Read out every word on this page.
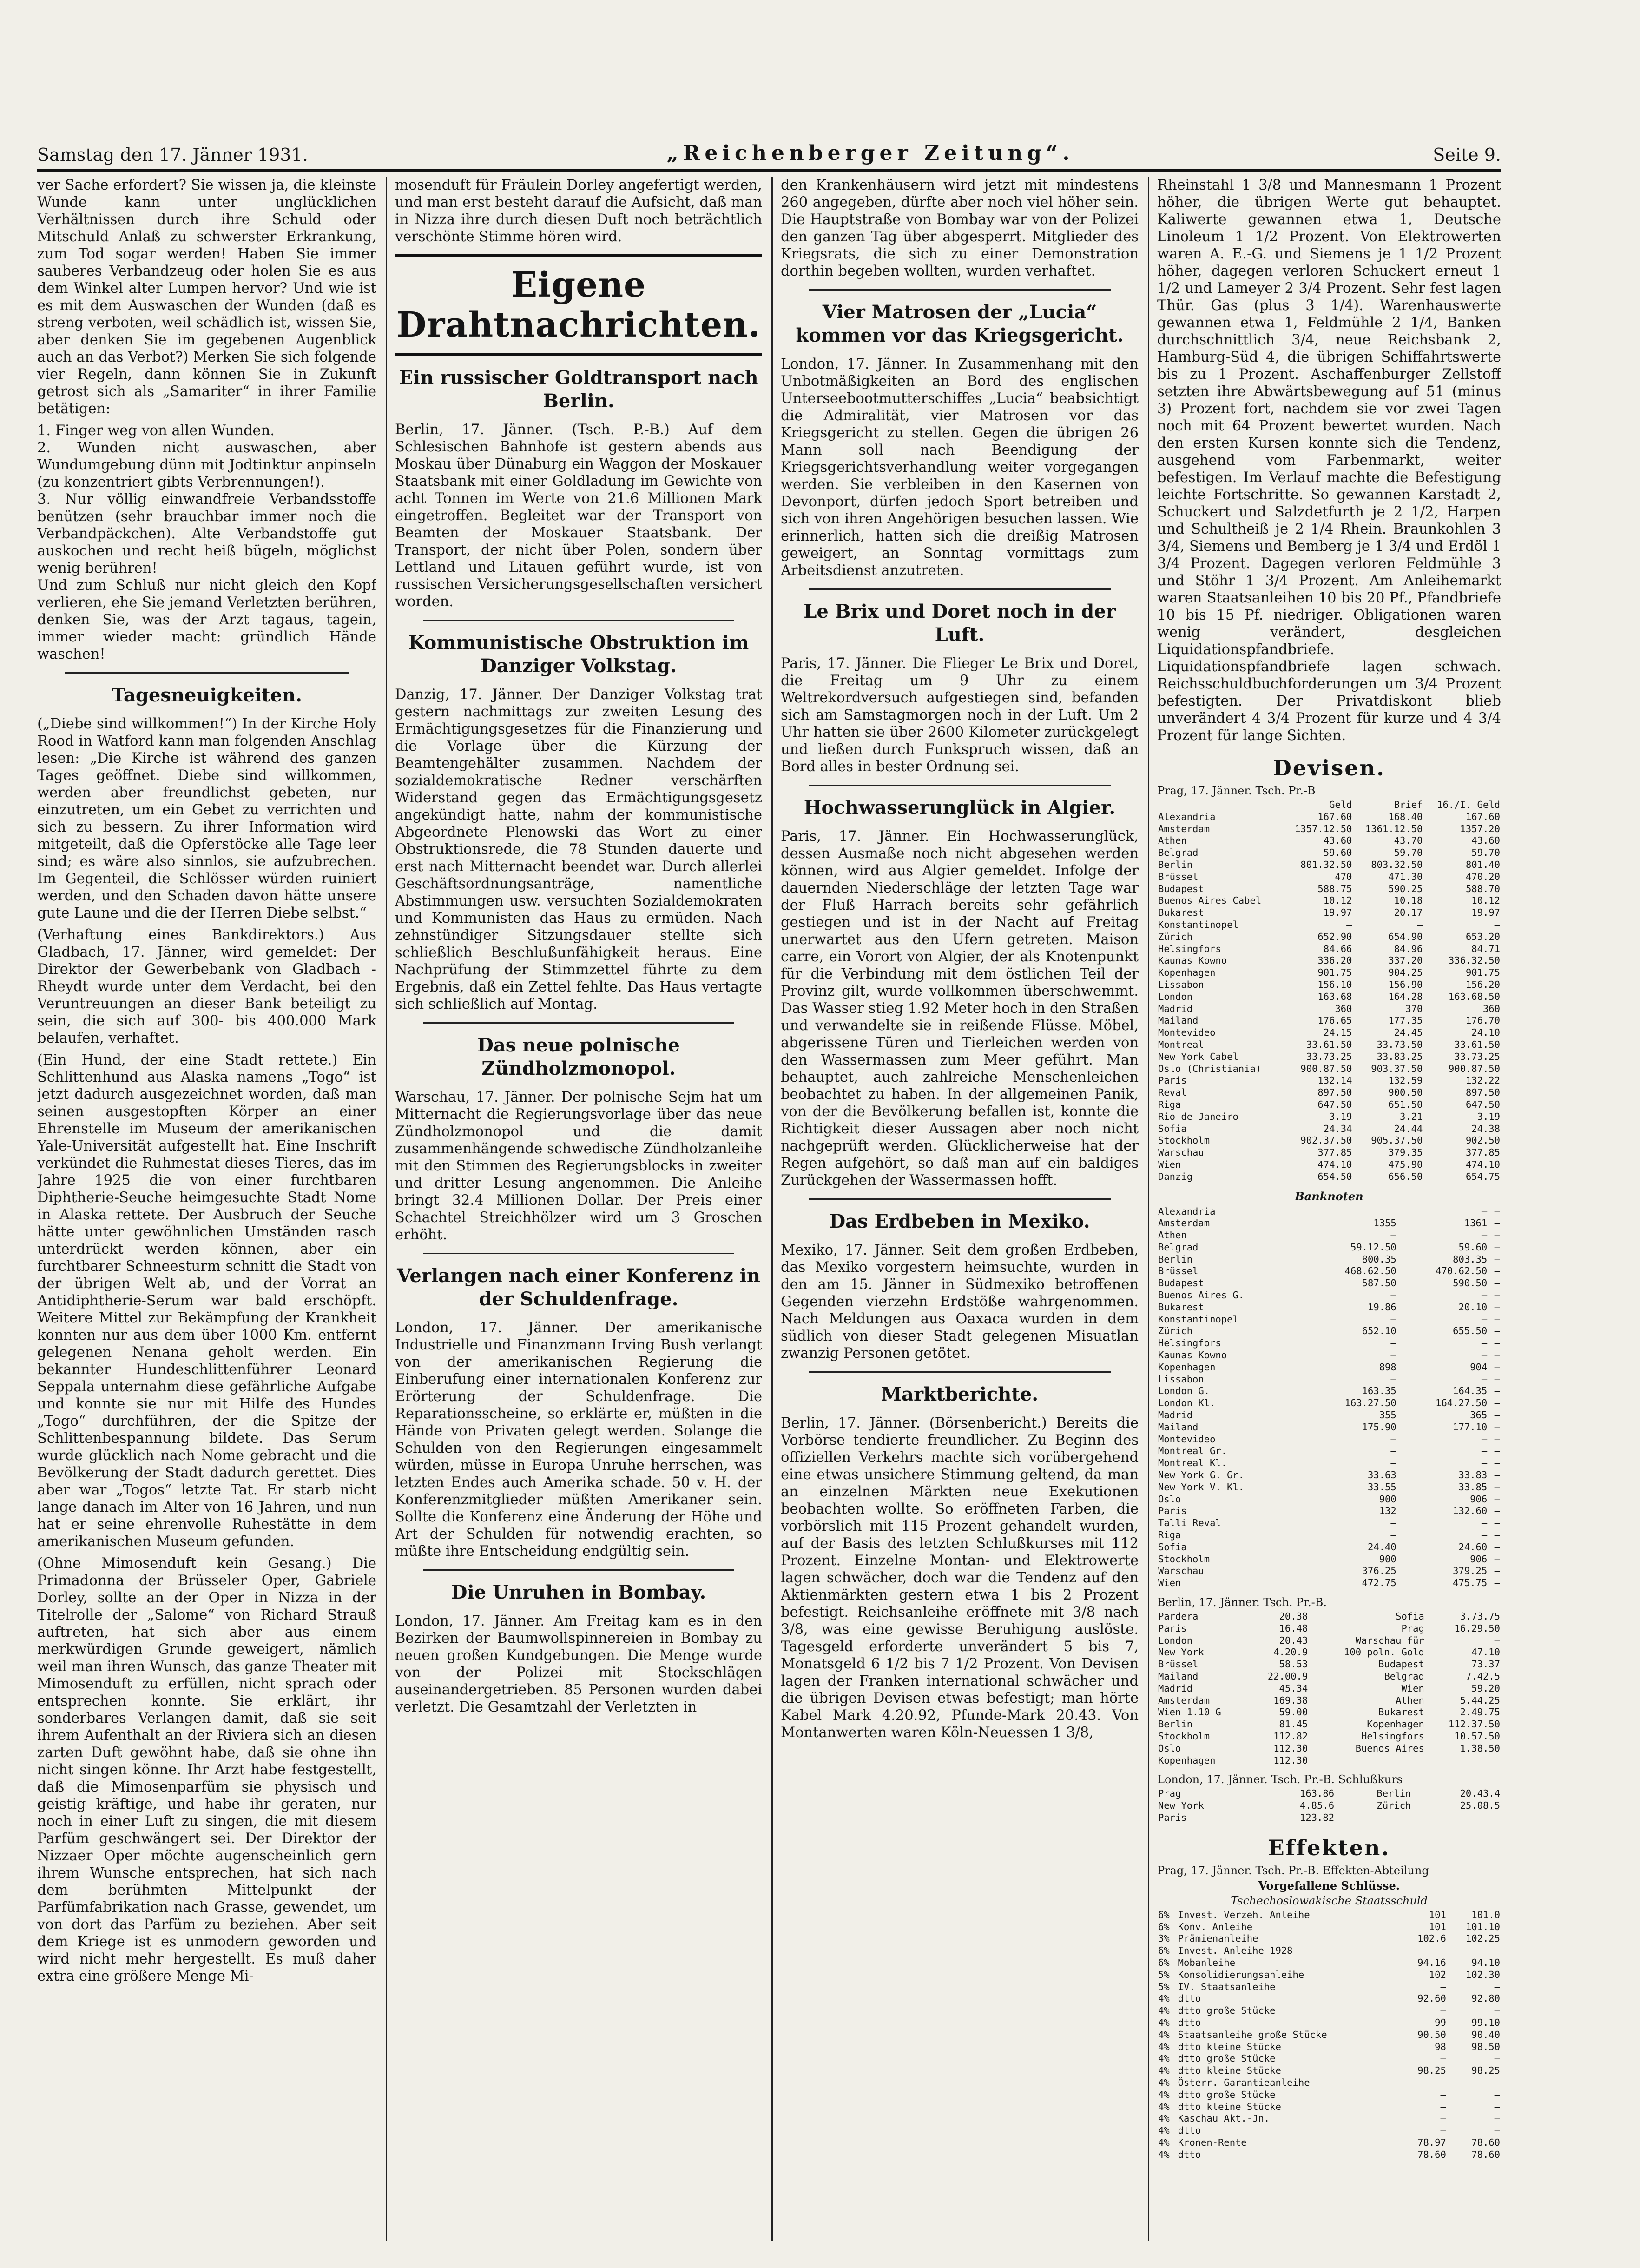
Samstag den 17. Jänner 1931.	„Reichenberger Zeitung“.	Seite 9.

ver Sache erfordert? Sie wissen ja, die kleinste Wunde kann unter unglücklichen Verhältnissen durch ihre Schuld oder Mitschuld Anlaß zu schwerster Erkrankung, zum Tod sogar werden! Haben Sie immer sauberes Verbandzeug oder holen Sie es aus dem Winkel alter Lumpen hervor? Und wie ist es mit dem Auswaschen der Wunden (daß es streng verboten, weil schädlich ist, wissen Sie, aber denken Sie im gegebenen Augenblick auch an das Verbot?) Merken Sie sich folgende vier Regeln, dann können Sie in Zukunft getrost sich als „Samariter“ in ihrer Familie betätigen:

1. Finger weg von allen Wunden.

2. Wunden nicht auswaschen, aber Wundumgebung dünn mit Jodtinktur anpinseln (zu konzentriert gibts Verbrennungen!).

3. Nur völlig einwandfreie Verbandsstoffe benützen (sehr brauchbar immer noch die Verbandpäckchen). Alte Verbandstoffe gut auskochen und recht heiß bügeln, möglichst wenig berühren!

Und zum Schluß nur nicht gleich den Kopf verlieren, ehe Sie jemand Verletzten berühren, denken Sie, was der Arzt tagaus, tagein, immer wieder macht: gründlich Hände waschen!

Tagesneuigkeiten.

(„Diebe sind willkommen!“) In der Kirche Holy Rood in Watford kann man folgenden Anschlag lesen: „Die Kirche ist während des ganzen Tages geöffnet. Diebe sind willkommen, werden aber freundlichst gebeten, nur einzutreten, um ein Gebet zu verrichten und sich zu bessern. Zu ihrer Information wird mitgeteilt, daß die Opferstöcke alle Tage leer sind; es wäre also sinnlos, sie aufzubrechen. Im Gegenteil, die Schlösser würden ruiniert werden, und den Schaden davon hätte unsere gute Laune und die der Herren Diebe selbst.“

(Verhaftung eines Bankdirektors.) Aus Gladbach, 17. Jänner, wird gemeldet: Der Direktor der Gewerbebank von Gladbach - Rheydt wurde unter dem Verdacht, bei den Veruntreuungen an dieser Bank beteiligt zu sein, die sich auf 300- bis 400.000 Mark belaufen, verhaftet.

(Ein Hund, der eine Stadt rettete.) Ein Schlittenhund aus Alaska namens „Togo“ ist jetzt dadurch ausgezeichnet worden, daß man seinen ausgestopften Körper an einer Ehrenstelle im Museum der amerikanischen Yale-Universität aufgestellt hat. Eine Inschrift verkündet die Ruhmestat dieses Tieres, das im Jahre 1925 die von einer furchtbaren Diphtherie-Seuche heimgesuchte Stadt Nome in Alaska rettete. Der Ausbruch der Seuche hätte unter gewöhnlichen Umständen rasch unterdrückt werden können, aber ein furchtbarer Schneesturm schnitt die Stadt von der übrigen Welt ab, und der Vorrat an Antidiphtherie-Serum war bald erschöpft. Weitere Mittel zur Bekämpfung der Krankheit konnten nur aus dem über 1000 Km. entfernt gelegenen Nenana geholt werden. Ein bekannter Hundeschlittenführer Leonard Seppala unternahm diese gefährliche Aufgabe und konnte sie nur mit Hilfe des Hundes „Togo“ durchführen, der die Spitze der Schlittenbespannung bildete. Das Serum wurde glücklich nach Nome gebracht und die Bevölkerung der Stadt dadurch gerettet. Dies aber war „Togos“ letzte Tat. Er starb nicht lange danach im Alter von 16 Jahren, und nun hat er seine ehrenvolle Ruhestätte in dem amerikanischen Museum gefunden.

(Ohne Mimosenduft kein Gesang.) Die Primadonna der Brüsseler Oper, Gabriele Dorley, sollte an der Oper in Nizza in der Titelrolle der „Salome“ von Richard Strauß auftreten, hat sich aber aus einem merkwürdigen Grunde geweigert, nämlich weil man ihren Wunsch, das ganze Theater mit Mimosenduft zu erfüllen, nicht sprach oder entsprechen konnte. Sie erklärt, ihr sonderbares Verlangen damit, daß sie seit ihrem Aufenthalt an der Riviera sich an diesen zarten Duft gewöhnt habe, daß sie ohne ihn nicht singen könne. Ihr Arzt habe festgestellt, daß die Mimosenparfüm sie physisch und geistig kräftige, und habe ihr geraten, nur noch in einer Luft zu singen, die mit diesem Parfüm geschwängert sei. Der Direktor der Nizzaer Oper möchte augenscheinlich gern ihrem Wunsche entsprechen, hat sich nach dem berühmten Mittelpunkt der Parfümfabrikation nach Grasse, gewendet, um von dort das Parfüm zu beziehen. Aber seit dem Kriege ist es unmodern geworden und wird nicht mehr hergestellt. Es muß daher extra eine größere Menge Mi-

mosenduft für Fräulein Dorley angefertigt werden, und man erst besteht darauf die Aufsicht, daß man in Nizza ihre durch diesen Duft noch beträchtlich verschönte Stimme hören wird.

Eigene Drahtnachrichten.
Ein russischer Goldtransport nach Berlin.

Berlin, 17. Jänner. (Tsch. P.-B.) Auf dem Schlesischen Bahnhofe ist gestern abends aus Moskau über Dünaburg ein Waggon der Moskauer Staatsbank mit einer Goldladung im Gewichte von acht Tonnen im Werte von 21.6 Millionen Mark eingetroffen. Begleitet war der Transport von Beamten der Moskauer Staatsbank. Der Transport, der nicht über Polen, sondern über Lettland und Litauen geführt wurde, ist von russischen Versicherungsgesellschaften versichert worden.

Kommunistische Obstruktion im Danziger Volkstag.

Danzig, 17. Jänner. Der Danziger Volkstag trat gestern nachmittags zur zweiten Lesung des Ermächtigungsgesetzes für die Finanzierung und die Vorlage über die Kürzung der Beamtengehälter zusammen. Nachdem der sozialdemokratische Redner verschärften Widerstand gegen das Ermächtigungsgesetz angekündigt hatte, nahm der kommunistische Abgeordnete Plenowski das Wort zu einer Obstruktionsrede, die 78 Stunden dauerte und erst nach Mitternacht beendet war. Durch allerlei Geschäftsordnungsanträge, namentliche Abstimmungen usw. versuchten Sozialdemokraten und Kommunisten das Haus zu ermüden. Nach zehnstündiger Sitzungsdauer stellte sich schließlich Beschlußunfähigkeit heraus. Eine Nachprüfung der Stimmzettel führte zu dem Ergebnis, daß ein Zettel fehlte. Das Haus vertagte sich schließlich auf Montag.

Das neue polnische Zündholzmonopol.

Warschau, 17. Jänner. Der polnische Sejm hat um Mitternacht die Regierungsvorlage über das neue Zündholzmonopol und die damit zusammenhängende schwedische Zündholzanleihe mit den Stimmen des Regierungsblocks in zweiter und dritter Lesung angenommen. Die Anleihe bringt 32.4 Millionen Dollar. Der Preis einer Schachtel Streichhölzer wird um 3 Groschen erhöht.

Verlangen nach einer Konferenz in der Schuldenfrage.

London, 17. Jänner. Der amerikanische Industrielle und Finanzmann Irving Bush verlangt von der amerikanischen Regierung die Einberufung einer internationalen Konferenz zur Erörterung der Schuldenfrage. Die Reparationsscheine, so erklärte er, müßten in die Hände von Privaten gelegt werden. Solange die Schulden von den Regierungen eingesammelt würden, müsse in Europa Unruhe herrschen, was letzten Endes auch Amerika schade. 50 v. H. der Konferenzmitglieder müßten Amerikaner sein. Sollte die Konferenz eine Änderung der Höhe und Art der Schulden für notwendig erachten, so müßte ihre Entscheidung endgültig sein.

Die Unruhen in Bombay.

London, 17. Jänner. Am Freitag kam es in den Bezirken der Baumwollspinnereien in Bombay zu neuen großen Kundgebungen. Die Menge wurde von der Polizei mit Stockschlägen auseinandergetrieben. 85 Personen wurden dabei verletzt. Die Gesamtzahl der Verletzten in

den Krankenhäusern wird jetzt mit mindestens 260 angegeben, dürfte aber noch viel höher sein. Die Hauptstraße von Bombay war von der Polizei den ganzen Tag über abgesperrt. Mitglieder des Kriegsrats, die sich zu einer Demonstration dorthin begeben wollten, wurden verhaftet.

Vier Matrosen der „Lucia“ kommen vor das Kriegsgericht.

London, 17. Jänner. In Zusammenhang mit den Unbotmäßigkeiten an Bord des englischen Unterseebootmutterschiffes „Lucia“ beabsichtigt die Admiralität, vier Matrosen vor das Kriegsgericht zu stellen. Gegen die übrigen 26 Mann soll nach Beendigung der Kriegsgerichtsverhandlung weiter vorgegangen werden. Sie verbleiben in den Kasernen von Devonport, dürfen jedoch Sport betreiben und sich von ihren Angehörigen besuchen lassen. Wie erinnerlich, hatten sich die dreißig Matrosen geweigert, an Sonntag vormittags zum Arbeitsdienst anzutreten.

Le Brix und Doret noch in der Luft.

Paris, 17. Jänner. Die Flieger Le Brix und Doret, die Freitag um 9 Uhr zu einem Weltrekordversuch aufgestiegen sind, befanden sich am Samstagmorgen noch in der Luft. Um 2 Uhr hatten sie über 2600 Kilometer zurückgelegt und ließen durch Funkspruch wissen, daß an Bord alles in bester Ordnung sei.

Hochwasserunglück in Algier.

Paris, 17. Jänner. Ein Hochwasserunglück, dessen Ausmaße noch nicht abgesehen werden können, wird aus Algier gemeldet. Infolge der dauernden Niederschläge der letzten Tage war der Fluß Harrach bereits sehr gefährlich gestiegen und ist in der Nacht auf Freitag unerwartet aus den Ufern getreten. Maison carre, ein Vorort von Algier, der als Knotenpunkt für die Verbindung mit dem östlichen Teil der Provinz gilt, wurde vollkommen überschwemmt. Das Wasser stieg 1.92 Meter hoch in den Straßen und verwandelte sie in reißende Flüsse. Möbel, abgerissene Türen und Tierleichen werden von den Wassermassen zum Meer geführt. Man behauptet, auch zahlreiche Menschenleichen beobachtet zu haben. In der allgemeinen Panik, von der die Bevölkerung befallen ist, konnte die Richtigkeit dieser Aussagen aber noch nicht nachgeprüft werden. Glücklicherweise hat der Regen aufgehört, so daß man auf ein baldiges Zurückgehen der Wassermassen hofft.

Das Erdbeben in Mexiko.

Mexiko, 17. Jänner. Seit dem großen Erdbeben, das Mexiko vorgestern heimsuchte, wurden in den am 15. Jänner in Südmexiko betroffenen Gegenden vierzehn Erdstöße wahrgenommen. Nach Meldungen aus Oaxaca wurden in dem südlich von dieser Stadt gelegenen Misuatlan zwanzig Personen getötet.

Marktberichte.

Berlin, 17. Jänner. (Börsenbericht.) Bereits die Vorbörse tendierte freundlicher. Zu Beginn des offiziellen Verkehrs machte sich vorübergehend eine etwas unsichere Stimmung geltend, da man an einzelnen Märkten neue Exekutionen beobachten wollte. So eröffneten Farben, die vorbörslich mit 115 Prozent gehandelt wurden, auf der Basis des letzten Schlußkurses mit 112 Prozent. Einzelne Montan- und Elektrowerte lagen schwächer, doch war die Tendenz auf den Aktienmärkten gestern etwa 1 bis 2 Prozent befestigt. Reichsanleihe eröffnete mit 3/8 nach 3/8, was eine gewisse Beruhigung auslöste. Tagesgeld erforderte unverändert 5 bis 7, Monatsgeld 6 1/2 bis 7 1/2 Prozent. Von Devisen lagen der Franken international schwächer und die übrigen Devisen etwas befestigt; man hörte Kabel Mark 4.20.92, Pfunde-Mark 20.43. Von Montanwerten waren Köln-Neuessen 1 3/8,

Rheinstahl 1 3/8 und Mannesmann 1 Prozent höher, die übrigen Werte gut behauptet. Kaliwerte gewannen etwa 1, Deutsche Linoleum 1 1/2 Prozent. Von Elektrowerten waren A. E.-G. und Siemens je 1 1/2 Prozent höher, dagegen verloren Schuckert erneut 1 1/2 und Lameyer 2 3/4 Prozent. Sehr fest lagen Thür. Gas (plus 3 1/4). Warenhauswerte gewannen etwa 1, Feldmühle 2 1/4, Banken durchschnittlich 3/4, neue Reichsbank 2, Hamburg-Süd 4, die übrigen Schiffahrtswerte bis zu 1 Prozent. Aschaffenburger Zellstoff setzten ihre Abwärtsbewegung auf 51 (minus 3) Prozent fort, nachdem sie vor zwei Tagen noch mit 64 Prozent bewertet wurden. Nach den ersten Kursen konnte sich die Tendenz, ausgehend vom Farbenmarkt, weiter befestigen. Im Verlauf machte die Befestigung leichte Fortschritte. So gewannen Karstadt 2, Schuckert und Salzdetfurth je 2 1/2, Harpen und Schultheiß je 2 1/4 Rhein. Braunkohlen 3 3/4, Siemens und Bemberg je 1 3/4 und Erdöl 1 3/4 Prozent. Dagegen verloren Feldmühle 3 und Stöhr 1 3/4 Prozent. Am Anleihemarkt waren Staatsanleihen 10 bis 20 Pf., Pfandbriefe 10 bis 15 Pf. niedriger. Obligationen waren wenig verändert, desgleichen Liquidationspfandbriefe. Liquidationspfandbriefe lagen schwach. Reichsschuldbuchforderungen um 3/4 Prozent befestigten. Der Privatdiskont blieb unverändert 4 3/4 Prozent für kurze und 4 3/4 Prozent für lange Sichten.

Devisen.
Prag, 17. Jänner. Tsch. Pr.-B
	Geld	Brief	16./I. Geld
Alexandria	167.60	168.40	167.60
Amsterdam	1357.12.50	1361.12.50	1357.20
Athen	43.60	43.70	43.60
Belgrad	59.60	59.70	59.70
Berlin	801.32.50	803.32.50	801.40
Brüssel	470	471.30	470.20
Budapest	588.75	590.25	588.70
Buenos Aires Cabel	10.12	10.18	10.12
Bukarest	19.97	20.17	19.97
Konstantinopel	—	—	—
Zürich	652.90	654.90	653.20
Helsingfors	84.66	84.96	84.71
Kaunas Kowno	336.20	337.20	336.32.50
Kopenhagen	901.75	904.25	901.75
Lissabon	156.10	156.90	156.20
London	163.68	164.28	163.68.50
Madrid	360	370	360
Mailand	176.65	177.35	176.70
Montevideo	24.15	24.45	24.10
Montreal	33.61.50	33.73.50	33.61.50
New York Cabel	33.73.25	33.83.25	33.73.25
Oslo (Christiania)	900.87.50	903.37.50	900.87.50
Paris	132.14	132.59	132.22
Reval	897.50	900.50	897.50
Riga	647.50	651.50	647.50
Rio de Janeiro	3.19	3.21	3.19
Sofia	24.34	24.44	24.38
Stockholm	902.37.50	905.37.50	902.50
Warschau	377.85	379.35	377.85
Wien	474.10	475.90	474.10
Danzig	654.50	656.50	654.75
Banknoten
Alexandria		—	—
Amsterdam	1355	1361	—
Athen	—	—	—
Belgrad	59.12.50	59.60	—
Berlin	800.35	803.35	—
Brüssel	468.62.50	470.62.50	—
Budapest	587.50	590.50	—
Buenos Aires G.	—	—	—
Bukarest	19.86	20.10	—
Konstantinopel	—	—	—
Zürich	652.10	655.50	—
Helsingfors	—	—	—
Kaunas Kowno	—	—	—
Kopenhagen	898	904	—
Lissabon	—	—	—
London G.	163.35	164.35	—
London Kl.	163.27.50	164.27.50	—
Madrid	355	365	—
Mailand	175.90	177.10	—
Montevideo	—	—	—
Montreal Gr.	—	—	—
Montreal Kl.	—	—	—
New York G. Gr.	33.63	33.83	—
New York V. Kl.	33.55	33.85	—
Oslo	900	906	—
Paris	132	132.60	—
Talli Reval	—	—	—
Riga	—	—	—
Sofia	24.40	24.60	—
Stockholm	900	906	—
Warschau	376.25	379.25	—
Wien	472.75	475.75	—
Berlin, 17. Jänner. Tsch. Pr.-B.
Pardera	20.38	Sofia	3.73.75
Paris	16.48	Prag	16.29.50
London	20.43	Warschau für	—
New York	4.20.9	100 poln. Gold	47.10
Brüssel	58.53	Budapest	73.37
Mailand	22.00.9	Belgrad	7.42.5
Madrid	45.34	Wien	59.20
Amsterdam	169.38	Athen	5.44.25
Wien 1.10 G	59.00	Bukarest	2.49.75
Berlin	81.45	Kopenhagen	112.37.50
Stockholm	112.82	Helsingfors	10.57.50
Oslo	112.30	Buenos Aires	1.38.50
Kopenhagen	112.30		
London, 17. Jänner. Tsch. Pr.-B. Schlußkurs
Prag	163.86	Berlin	20.43.4
New York	4.85.6	Zürich	25.08.5
Paris	123.82		
Effekten.
Prag, 17. Jänner. Tsch. Pr.-B. Effekten-Abteilung
Vorgefallene Schlüsse.
Tschechoslowakische Staatsschuld
6%	Invest. Verzeh. Anleihe	101	101.0
6%	Konv. Anleihe	101	101.10
3%	Prämienanleihe	102.6	102.25
6%	Invest. Anleihe 1928	—	—
6%	Mobanleihe	94.16	94.10
5%	Konsolidierungsanleihe	102	102.30
5%	IV. Staatsanleihe	—	—
4%	dtto	92.60	92.80
4%	dtto große Stücke	—	—
4%	dtto	99	99.10
4%	Staatsanleihe große Stücke	90.50	90.40
4%	dtto kleine Stücke	98	98.50
4%	dtto große Stücke	—	—
4%	dtto kleine Stücke	98.25	98.25
4%	Österr. Garantieanleihe	—	—
4%	dtto große Stücke	—	—
4%	dtto kleine Stücke	—	—
4%	Kaschau Akt.-Jn.	—	—
4%	dtto	—	—
4%	Kronen-Rente	78.97	78.60
4%	dtto	78.60	78.60
